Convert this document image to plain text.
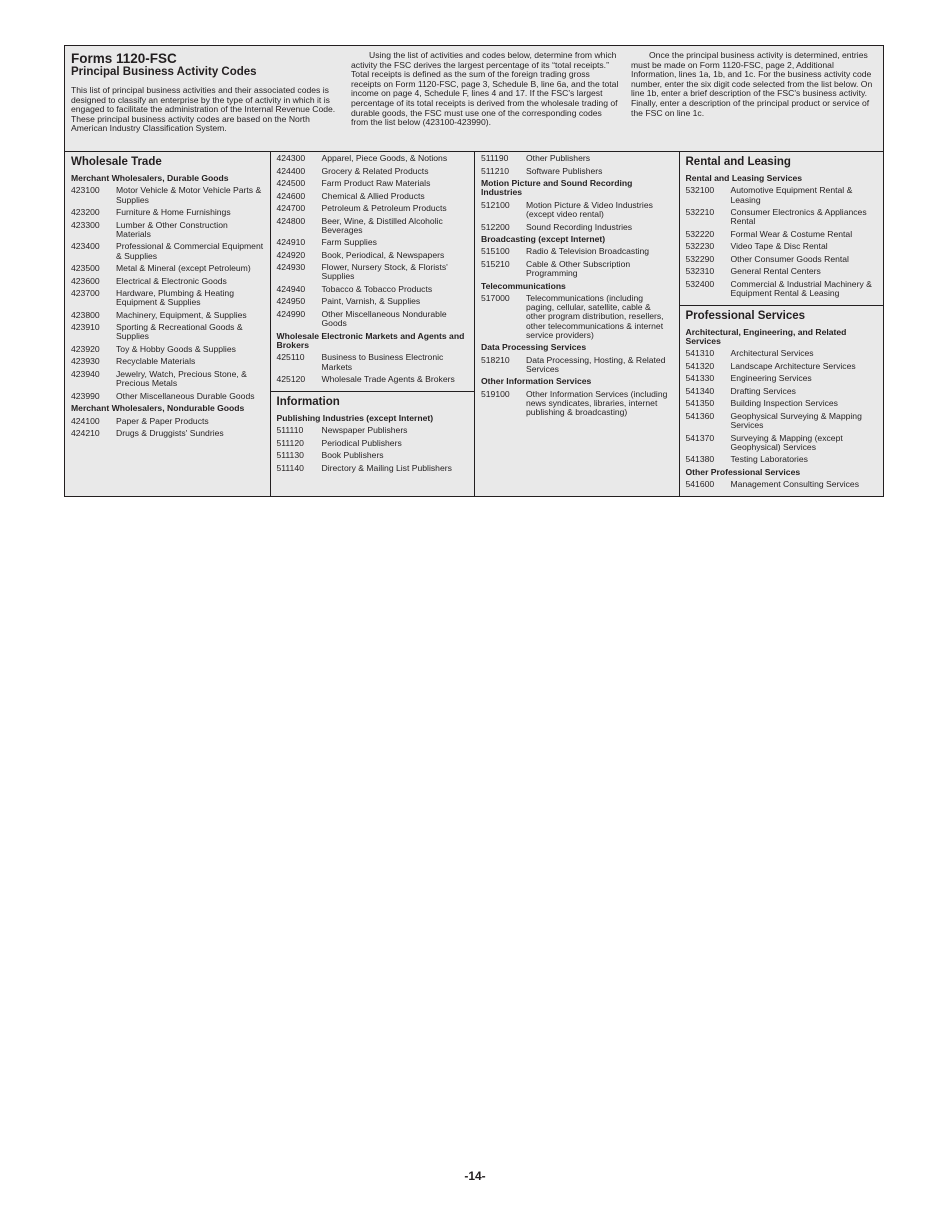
Forms 1120-FSC
Principal Business Activity Codes
This list of principal business activities and their associated codes is designed to classify an enterprise by the type of activity in which it is engaged to facilitate the administration of the Internal Revenue Code. These principal business activity codes are based on the North American Industry Classification System.
Using the list of activities and codes below, determine from which activity the FSC derives the largest percentage of its “total receipts.” Total receipts is defined as the sum of the foreign trading gross receipts on Form 1120-FSC, page 3, Schedule B, line 6a, and the total income on page 4, Schedule F, lines 4 and 17. If the FSC's largest percentage of its total receipts is derived from the wholesale trading of durable goods, the FSC must use one of the corresponding codes from the list below (423100-423990).
Once the principal business activity is determined, entries must be made on Form 1120-FSC, page 2, Additional Information, lines 1a, 1b, and 1c. For the business activity code number, enter the six digit code selected from the list below. On line 1b, enter a brief description of the FSC's business activity. Finally, enter a description of the principal product or service of the FSC on line 1c.
Wholesale Trade
Merchant Wholesalers, Durable Goods
423100	Motor Vehicle & Motor Vehicle Parts & Supplies
423200	Furniture & Home Furnishings
423300	Lumber & Other Construction Materials
423400	Professional & Commercial Equipment & Supplies
423500	Metal & Mineral (except Petroleum)
423600	Electrical & Electronic Goods
423700	Hardware, Plumbing & Heating Equipment & Supplies
423800	Machinery, Equipment, & Supplies
423910	Sporting & Recreational Goods & Supplies
423920	Toy & Hobby Goods & Supplies
423930	Recyclable Materials
423940	Jewelry, Watch, Precious Stone, & Precious Metals
423990	Other Miscellaneous Durable Goods
Merchant Wholesalers, Nondurable Goods
424100	Paper & Paper Products
424210	Drugs & Druggists' Sundries
424300	Apparel, Piece Goods, & Notions
424400	Grocery & Related Products
424500	Farm Product Raw Materials
424600	Chemical & Allied Products
424700	Petroleum & Petroleum Products
424800	Beer, Wine, & Distilled Alcoholic Beverages
424910	Farm Supplies
424920	Book, Periodical, & Newspapers
424930	Flower, Nursery Stock, & Florists' Supplies
424940	Tobacco & Tobacco Products
424950	Paint, Varnish, & Supplies
424990	Other Miscellaneous Nondurable Goods
Wholesale Electronic Markets and Agents and Brokers
425110	Business to Business Electronic Markets
425120	Wholesale Trade Agents & Brokers
Information
Publishing Industries (except Internet)
511110	Newspaper Publishers
511120	Periodical Publishers
511130	Book Publishers
511140	Directory & Mailing List Publishers
511190	Other Publishers
511210	Software Publishers
Motion Picture and Sound Recording Industries
512100	Motion Picture & Video Industries (except video rental)
512200	Sound Recording Industries
Broadcasting (except Internet)
515100	Radio & Television Broadcasting
515210	Cable & Other Subscription Programming
Telecommunications
517000	Telecommunications (including paging, cellular, satellite, cable & other program distribution, resellers, other telecommunications & internet service providers)
Data Processing Services
518210	Data Processing, Hosting, & Related Services
Other Information Services
519100	Other Information Services (including news syndicates, libraries, internet publishing & broadcasting)
Rental and Leasing
Rental and Leasing Services
532100	Automotive Equipment Rental & Leasing
532210	Consumer Electronics & Appliances Rental
532220	Formal Wear & Costume Rental
532230	Video Tape & Disc Rental
532290	Other Consumer Goods Rental
532310	General Rental Centers
532400	Commercial & Industrial Machinery & Equipment Rental & Leasing
Professional Services
Architectural, Engineering, and Related Services
541310	Architectural Services
541320	Landscape Architecture Services
541330	Engineering Services
541340	Drafting Services
541350	Building Inspection Services
541360	Geophysical Surveying & Mapping Services
541370	Surveying & Mapping (except Geophysical) Services
541380	Testing Laboratories
Other Professional Services
541600	Management Consulting Services
-14-
